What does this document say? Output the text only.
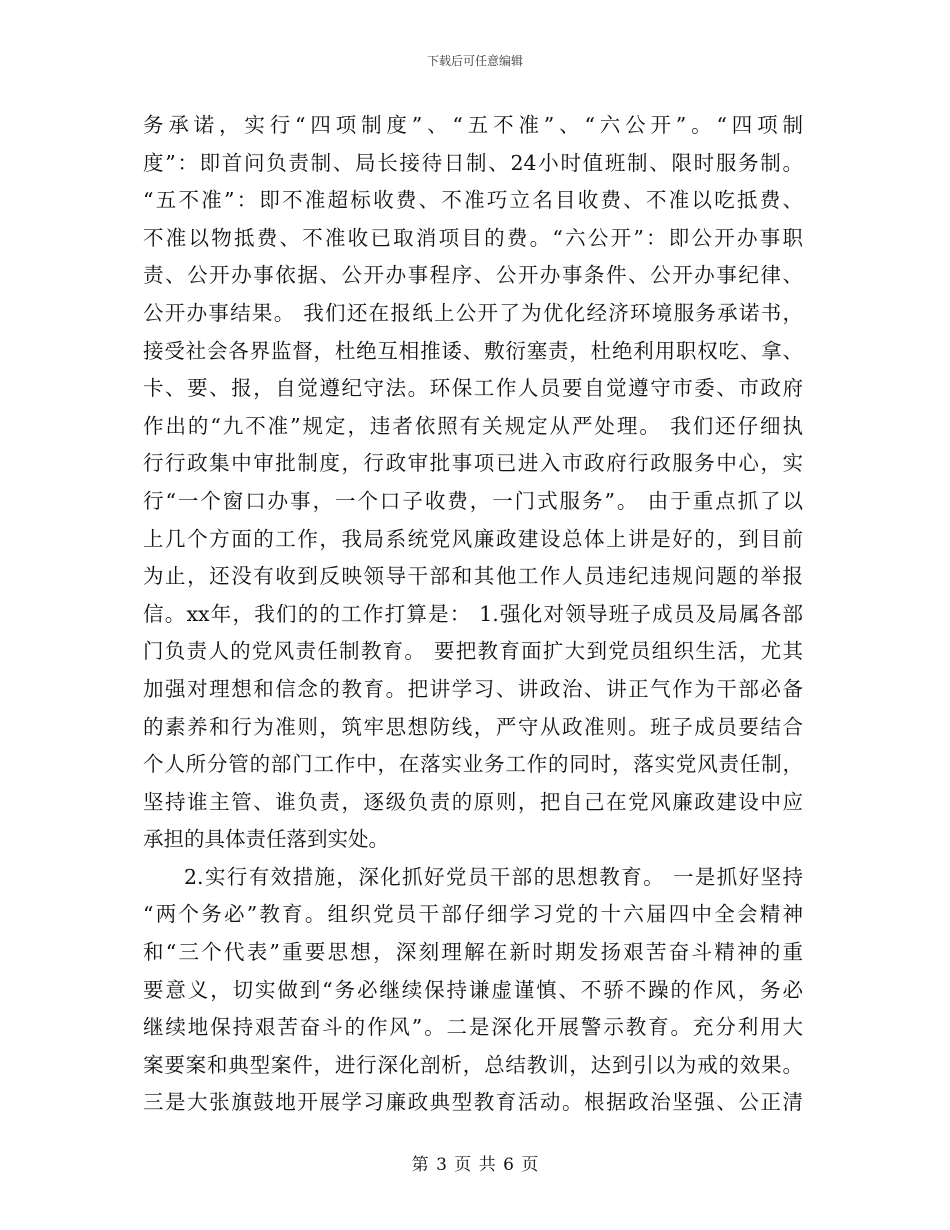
下载后可任意编辑
务承诺，实行“四项制度”、“五不准”、“六公开”。“四项制
度”：即首问负责制、局长接待日制、24小时值班制、限时服务制。
“五不准”：即不准超标收费、不准巧立名目收费、不准以吃抵费、
不准以物抵费、不准收已取消项目的费。“六公开”：即公开办事职
责、公开办事依据、公开办事程序、公开办事条件、公开办事纪律、
公开办事结果。 我们还在报纸上公开了为优化经济环境服务承诺书，
接受社会各界监督，杜绝互相推诿、敷衍塞责，杜绝利用职权吃、拿、
卡、要、报，自觉遵纪守法。环保工作人员要自觉遵守市委、市政府
作出的“九不准”规定，违者依照有关规定从严处理。 我们还仔细执
行行政集中审批制度，行政审批事项已进入市政府行政服务中心，实
行“一个窗口办事，一个口子收费，一门式服务”。 由于重点抓了以
上几个方面的工作，我局系统党风廉政建设总体上讲是好的，到目前
为止，还没有收到反映领导干部和其他工作人员违纪违规问题的举报
信。xx年，我们的的工作打算是： 1.强化对领导班子成员及局属各部
门负责人的党风责任制教育。 要把教育面扩大到党员组织生活，尤其
加强对理想和信念的教育。把讲学习、讲政治、讲正气作为干部必备
的素养和行为准则，筑牢思想防线，严守从政准则。班子成员要结合
个人所分管的部门工作中，在落实业务工作的同时，落实党风责任制，
坚持谁主管、谁负责，逐级负责的原则，把自己在党风廉政建设中应
承担的具体责任落到实处。
2.实行有效措施，深化抓好党员干部的思想教育。 一是抓好坚持
“两个务必”教育。组织党员干部仔细学习党的十六届四中全会精神
和“三个代表”重要思想，深刻理解在新时期发扬艰苦奋斗精神的重
要意义，切实做到“务必继续保持谦虚谨慎、不骄不躁的作风，务必
继续地保持艰苦奋斗的作风”。二是深化开展警示教育。充分利用大
案要案和典型案件，进行深化剖析，总结教训，达到引以为戒的效果。
三是大张旗鼓地开展学习廉政典型教育活动。根据政治坚强、公正清
第 3 页 共 6 页
